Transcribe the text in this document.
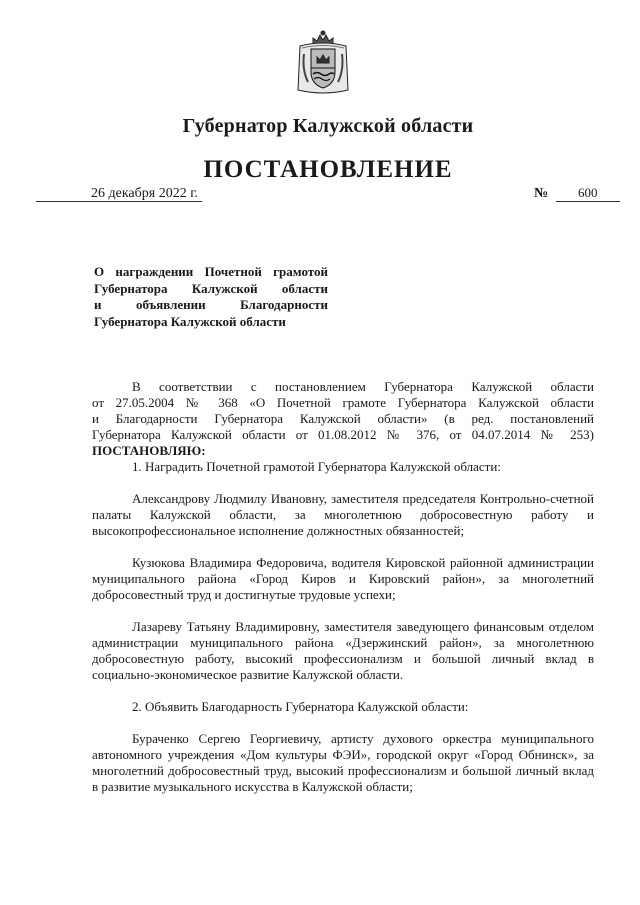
Губернатор Калужской области
ПОСТАНОВЛЕНИЕ
26 декабря 2022 г.	№ 600
О награждении Почетной грамотой
Губернатора Калужской области
и объявлении Благодарности
Губернатора Калужской области
В соответствии с постановлением Губернатора Калужской области
от 27.05.2004 № 368 «О Почетной грамоте Губернатора Калужской области
и Благодарности Губернатора Калужской области» (в ред. постановлений
Губернатора Калужской области от 01.08.2012 № 376, от 04.07.2014 № 253)
ПОСТАНОВЛЯЮ:
1. Наградить Почетной грамотой Губернатора Калужской области:
Александрову Людмилу Ивановну, заместителя председателя Контрольно-счетной палаты Калужской области, за многолетнюю добросовестную работу и высокопрофессиональное исполнение должностных обязанностей;
Кузюкова Владимира Федоровича, водителя Кировской районной администрации муниципального района «Город Киров и Кировский район», за многолетний добросовестный труд и достигнутые трудовые успехи;
Лазареву Татьяну Владимировну, заместителя заведующего финансовым отделом администрации муниципального района «Дзержинский район», за многолетнюю добросовестную работу, высокий профессионализм и большой личный вклад в социально-экономическое развитие Калужской области.
2. Объявить Благодарность Губернатора Калужской области:
Бураченко Сергею Георгиевичу, артисту духового оркестра муниципального автономного учреждения «Дом культуры ФЭИ», городской округ «Город Обнинск», за многолетний добросовестный труд, высокий профессионализм и большой личный вклад в развитие музыкального искусства в Калужской области;
